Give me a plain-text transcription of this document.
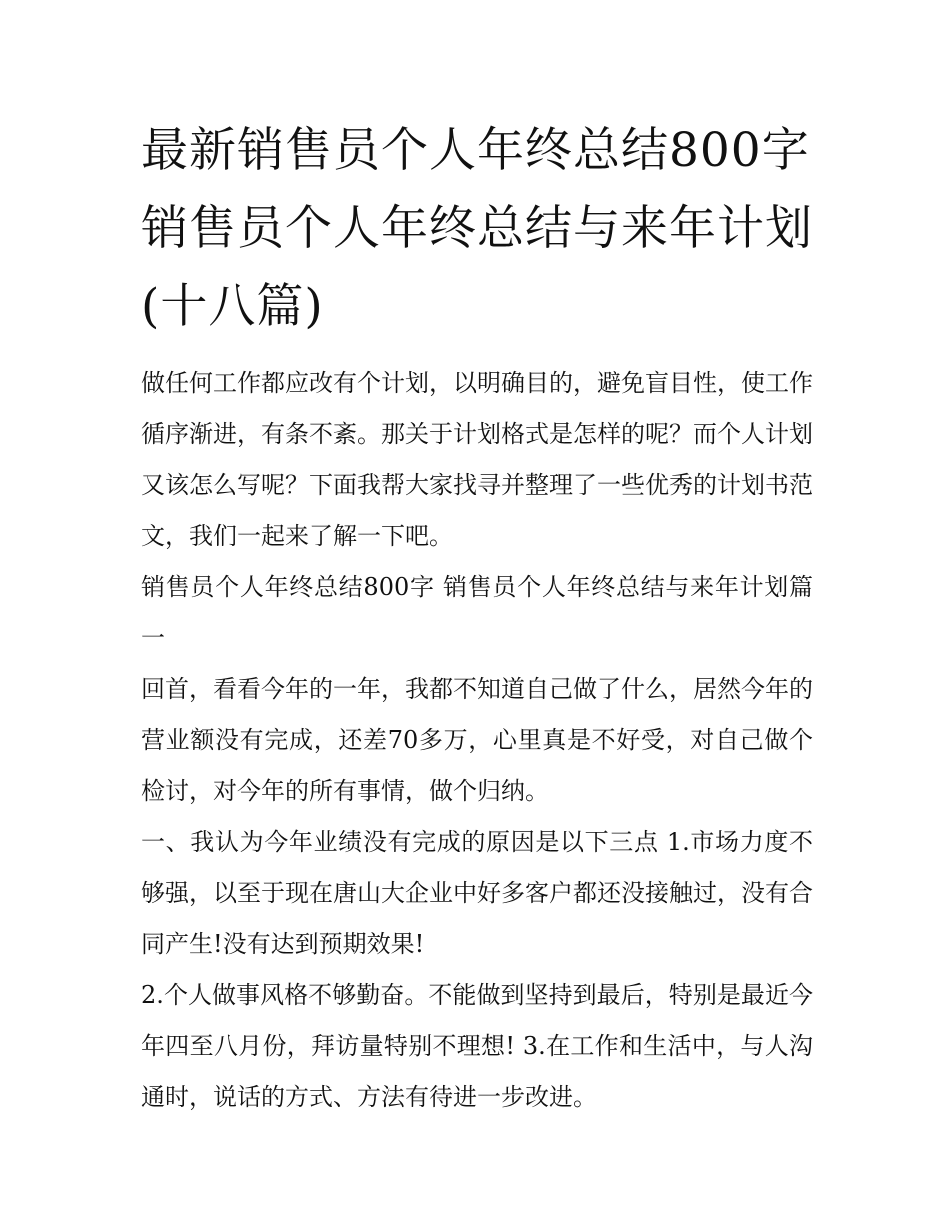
最新销售员个人年终总结800字 销售员个人年终总结与来年计划(十八篇)

做任何工作都应改有个计划，以明确目的，避免盲目性，使工作循序渐进，有条不紊。那关于计划格式是怎样的呢？而个人计划又该怎么写呢？下面我帮大家找寻并整理了一些优秀的计划书范文，我们一起来了解一下吧。

销售员个人年终总结800字 销售员个人年终总结与来年计划篇一

回首，看看今年的一年，我都不知道自己做了什么，居然今年的营业额没有完成，还差70多万，心里真是不好受，对自己做个检讨，对今年的所有事情，做个归纳。

一、我认为今年业绩没有完成的原因是以下三点 1.市场力度不够强，以至于现在唐山大企业中好多客户都还没接触过，没有合同产生!没有达到预期效果!

2.个人做事风格不够勤奋。不能做到坚持到最后，特别是最近今年四至八月份，拜访量特别不理想! 3.在工作和生活中，与人沟通时，说话的方式、方法有待进一步改进。
